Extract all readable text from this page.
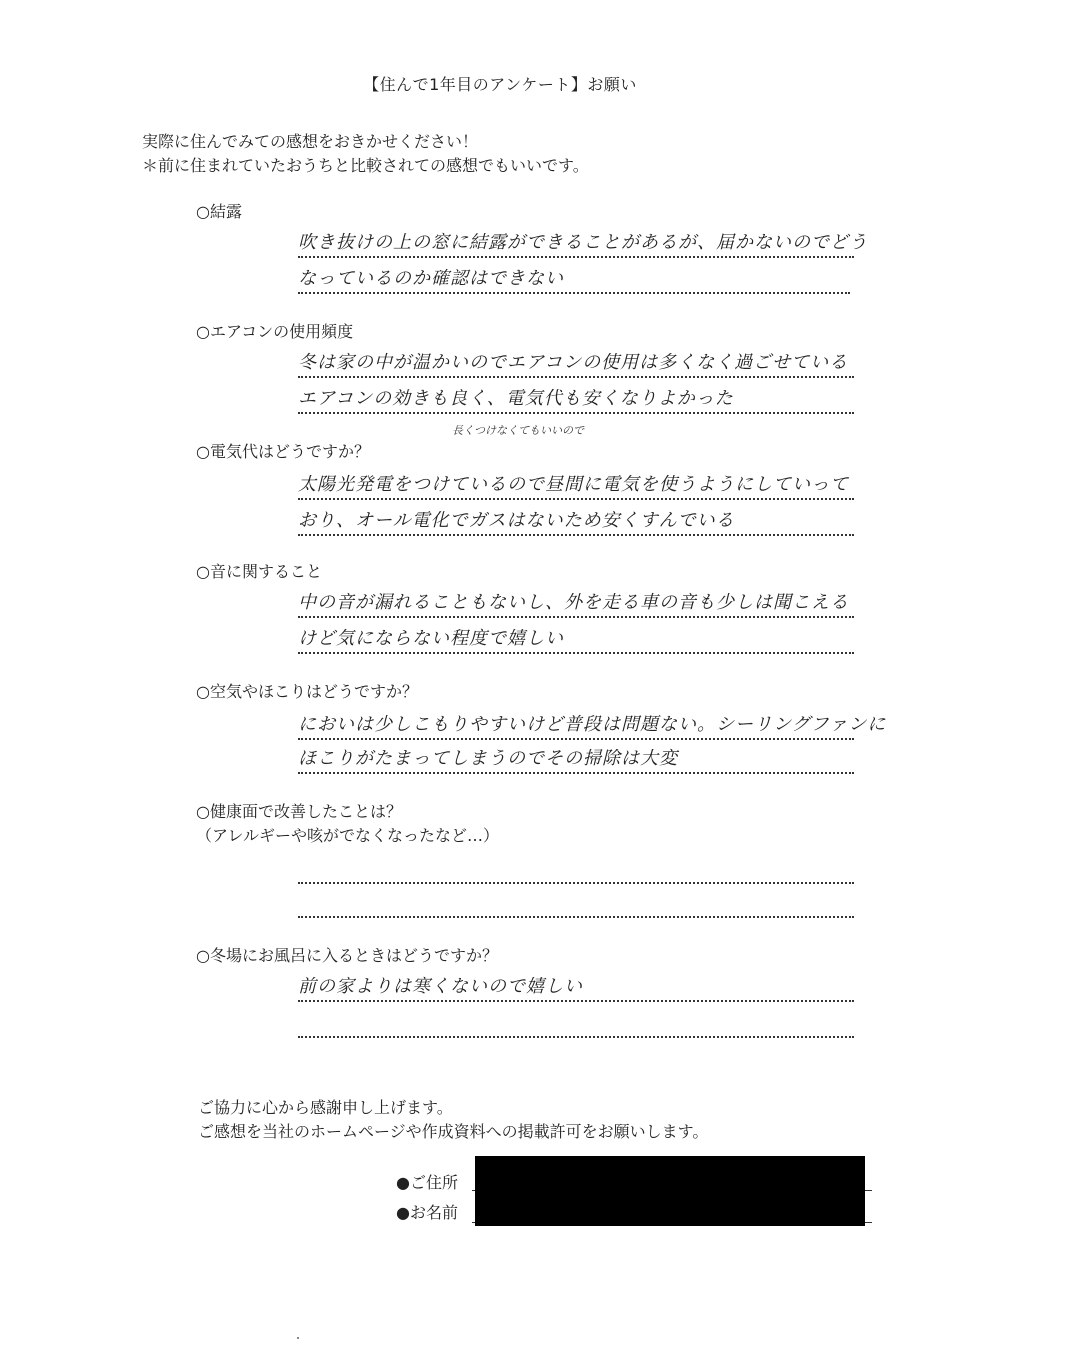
【住んで1年目のアンケート】お願い
実際に住んでみての感想をおきかせください！
＊前に住まれていたおうちと比較されての感想でもいいです。
○結露
吹き抜けの上の窓に結露ができることがあるが、届かないのでどう
なっているのか確認はできない
○エアコンの使用頻度
冬は家の中が温かいのでエアコンの使用は多くなく過ごせている
エアコンの効きも良く、電気代も安くなりよかった
長くつけなくてもいいので
○電気代はどうですか？
太陽光発電をつけているので昼間に電気を使うようにしていって
おり、オール電化でガスはないため安くすんでいる
○音に関すること
中の音が漏れることもないし、外を走る車の音も少しは聞こえる
けど気にならない程度で嬉しい
○空気やほこりはどうですか？
においは少しこもりやすいけど普段は問題ない。シーリングファンに
ほこりがたまってしまうのでその掃除は大変
○健康面で改善したことは？
（アレルギーや咳がでなくなったなど…）
○冬場にお風呂に入るときはどうですか？
前の家よりは寒くないので嬉しい
ご協力に心から感謝申し上げます。
ご感想を当社のホームページや作成資料への掲載許可をお願いします。
●ご住所
●お名前
